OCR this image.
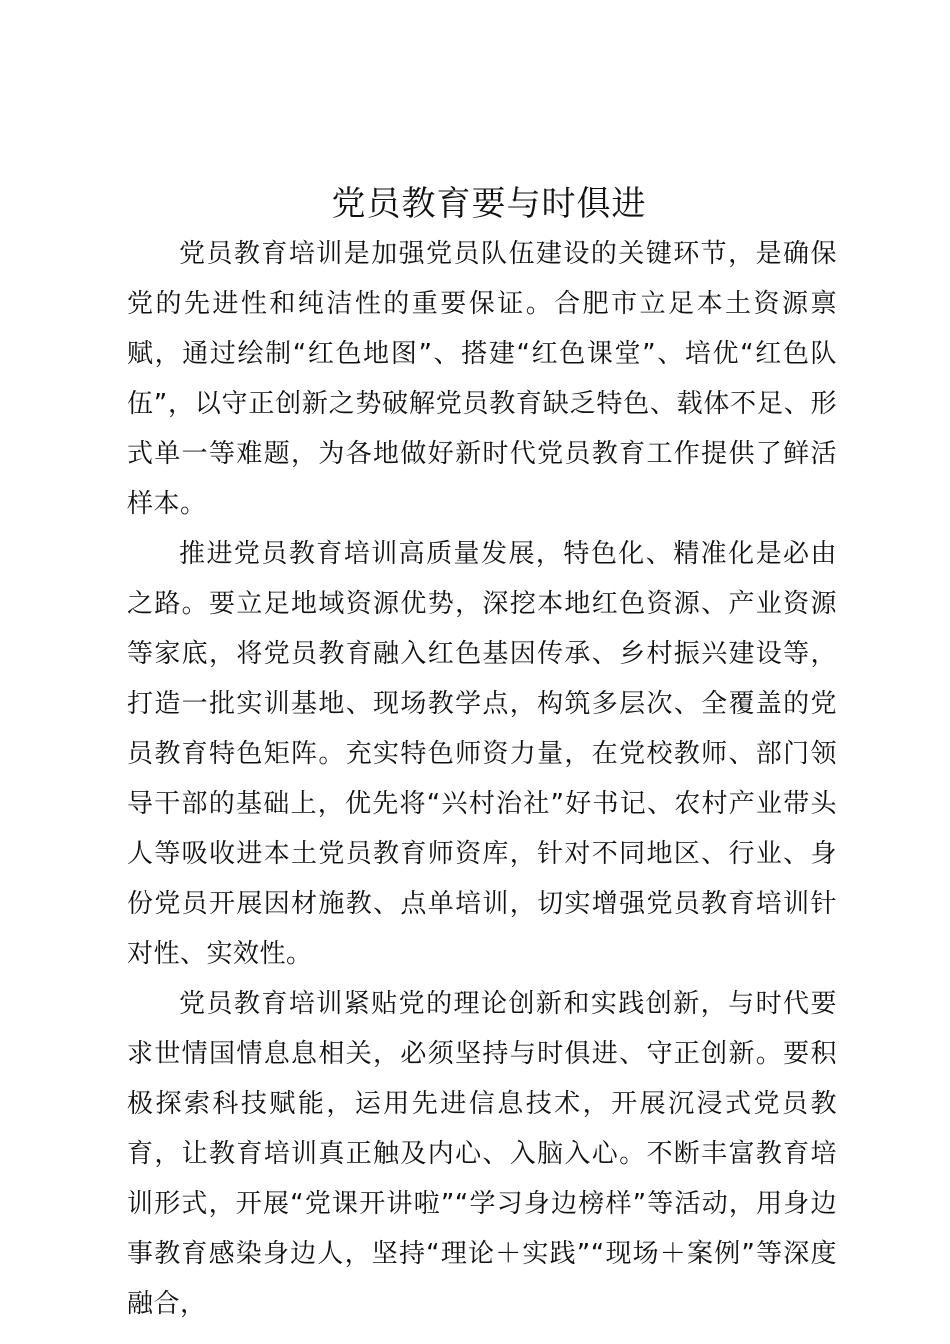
党员教育要与时俱进

党员教育培训是加强党员队伍建设的关键环节，是确保党的先进性和纯洁性的重要保证。合肥市立足本土资源禀赋，通过绘制“红色地图”、搭建“红色课堂”、培优“红色队伍”，以守正创新之势破解党员教育缺乏特色、载体不足、形式单一等难题，为各地做好新时代党员教育工作提供了鲜活样本。

推进党员教育培训高质量发展，特色化、精准化是必由之路。要立足地域资源优势，深挖本地红色资源、产业资源等家底，将党员教育融入红色基因传承、乡村振兴建设等，打造一批实训基地、现场教学点，构筑多层次、全覆盖的党员教育特色矩阵。充实特色师资力量，在党校教师、部门领导干部的基础上，优先将“兴村治社”好书记、农村产业带头人等吸收进本土党员教育师资库，针对不同地区、行业、身份党员开展因材施教、点单培训，切实增强党员教育培训针对性、实效性。

党员教育培训紧贴党的理论创新和实践创新，与时代要求世情国情息息相关，必须坚持与时俱进、守正创新。要积极探索科技赋能，运用先进信息技术，开展沉浸式党员教育，让教育培训真正触及内心、入脑入心。不断丰富教育培训形式，开展“党课开讲啦”“学习身边榜样”等活动，用身边事教育感染身边人，坚持“理论＋实践”“现场＋案例”等深度融合，
